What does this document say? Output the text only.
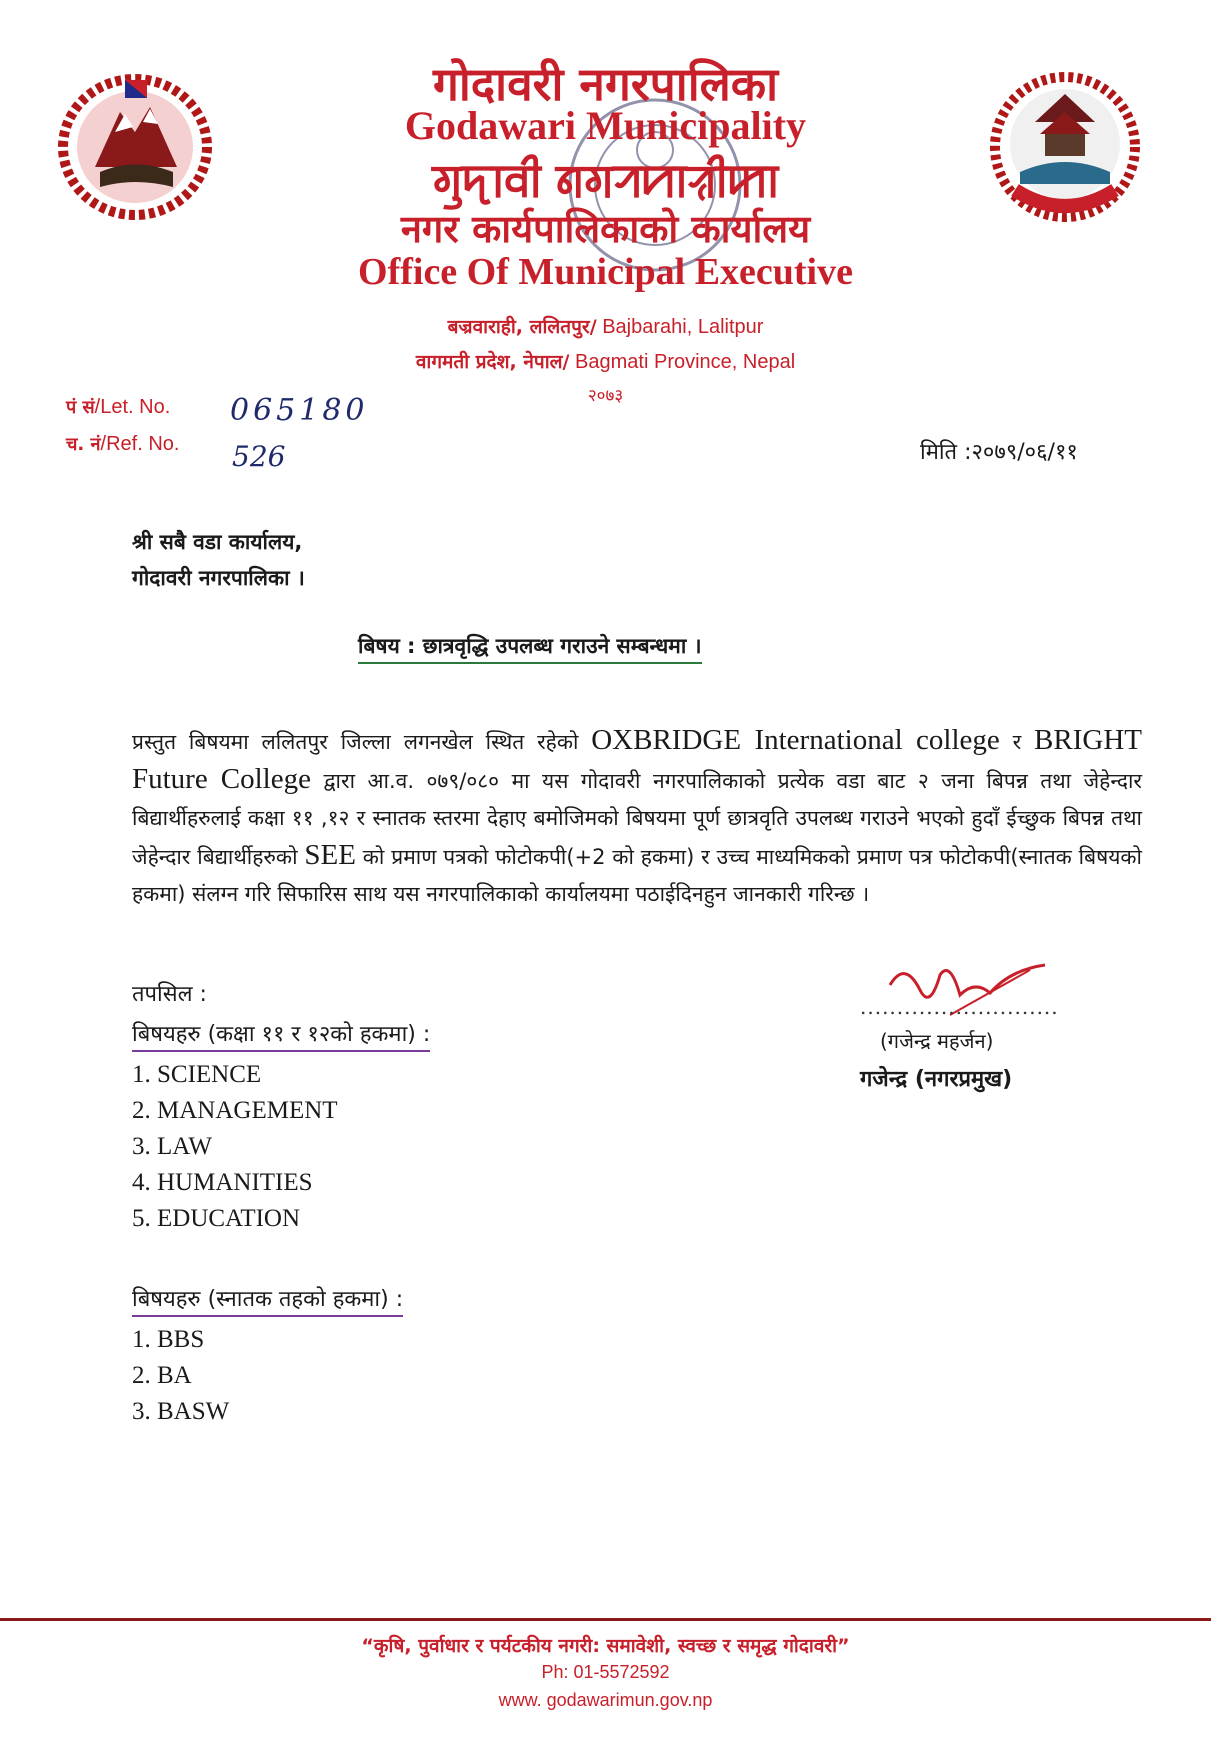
गोदावरी नगरपालिका
Godawari Municipality
ꠉꠥꠖꠣꠛꠤ ꠘꠉꠞꠙꠣꠟꠤꠇꠣ
नगर कार्यपालिकाको कार्यालय
Office Of Municipal Executive
बज्रवाराही, ललितपुर/ Bajbarahi, Lalitpur
वागमती प्रदेश, नेपाल/ Bagmati Province, Nepal
२०७३
पं सं/Let. No. 065180
च. नं/Ref. No. 526	मिति :२०७९/०६/११
श्री सबै वडा कार्यालय,
गोदावरी नगरपालिका ।
बिषय : छात्रवृद्धि उपलब्ध गराउने सम्बन्धमा ।
प्रस्तुत बिषयमा ललितपुर जिल्ला लगनखेल स्थित रहेको OXBRIDGE International college र BRIGHT Future College द्वारा आ.व. ०७९/०८० मा यस गोदावरी नगरपालिकाको प्रत्येक वडा बाट २ जना बिपन्न तथा जेहेन्दार बिद्यार्थीहरुलाई कक्षा ११ ,१२ र स्नातक स्तरमा देहाए बमोजिमको बिषयमा पूर्ण छात्रवृति उपलब्ध गराउने भएको हुदाँ ईच्छुक बिपन्न तथा जेहेन्दार बिद्यार्थीहरुको SEE को प्रमाण पत्रको फोटोकपी(+2 को हकमा) र उच्च माध्यमिकको प्रमाण पत्र फोटोकपी(स्नातक बिषयको हकमा) संलग्न गरि सिफारिस साथ यस नगरपालिकाको कार्यालयमा पठाईदिनहुन जानकारी गरिन्छ ।
तपसिल :
बिषयहरु (कक्षा ११ र १२को हकमा) :
1. SCIENCE
2. MANAGEMENT
3. LAW
4. HUMANITIES
5. EDUCATION
बिषयहरु (स्नातक तहको हकमा) :
1. BBS
2. BA
3. BASW
...........................
(गजेन्द्र महर्जन)
गजेन्द्र (नगरप्रमुख)
“कृषि, पुर्वाधार र पर्यटकीय नगरी: समावेशी, स्वच्छ र समृद्ध गोदावरी”
Ph: 01-5572592
www. godawarimun.gov.np
